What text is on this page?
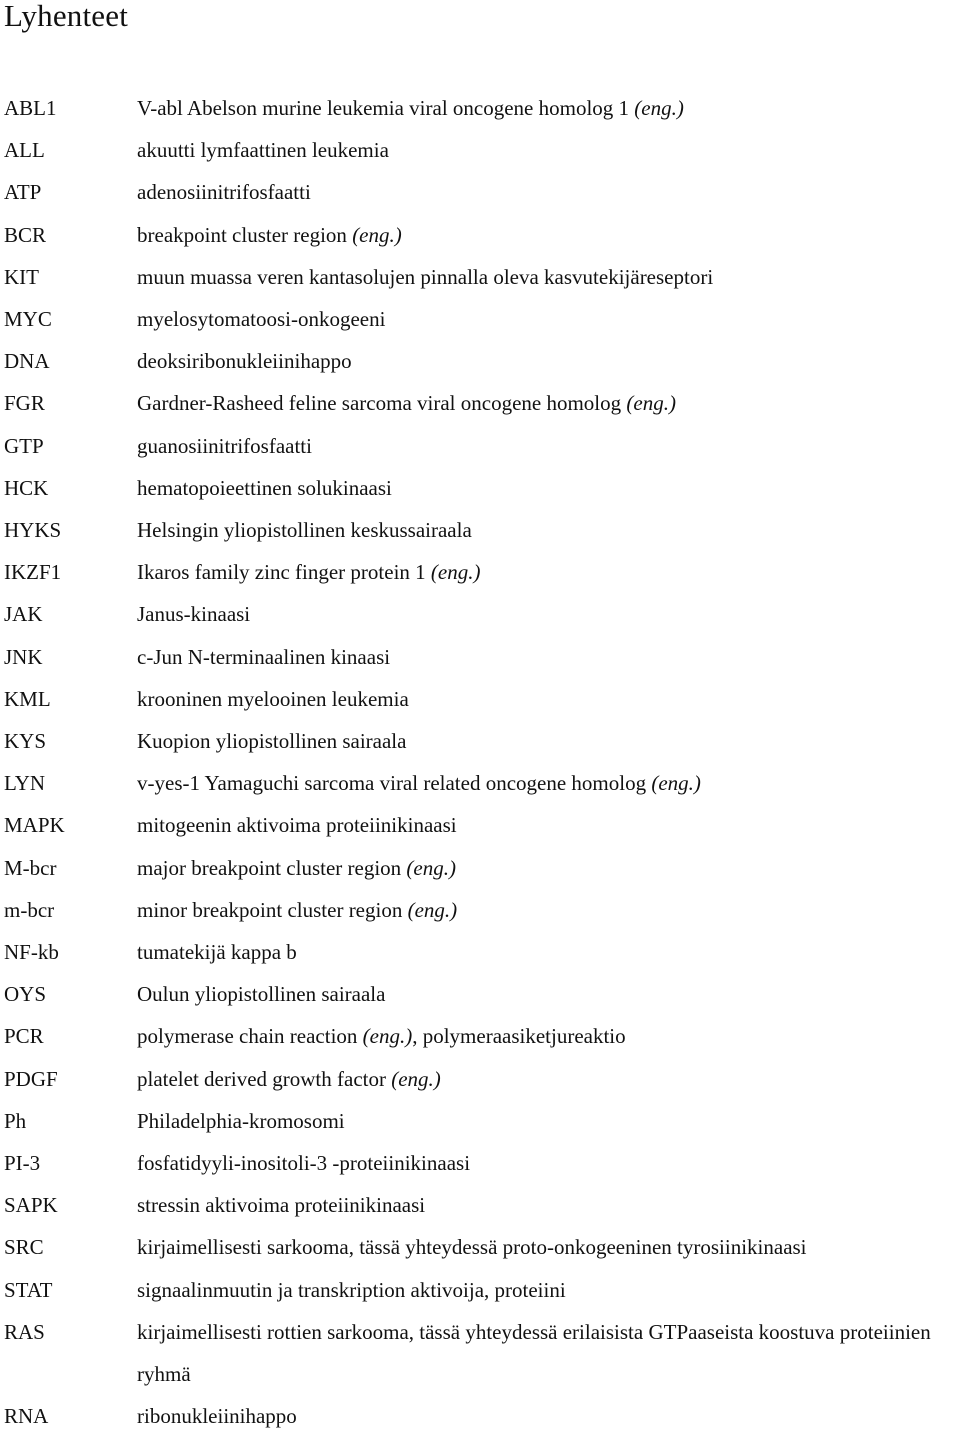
Lyhenteet
ABL1	V-abl Abelson murine leukemia viral oncogene homolog 1 (eng.)
ALL	akuutti lymfaattinen leukemia
ATP	adenosiinitrifosfaatti
BCR	breakpoint cluster region (eng.)
KIT	muun muassa veren kantasolujen pinnalla oleva kasvutekijäreseptori
MYC	myelosytomatoosi-onkogeeni
DNA	deoksiribonukleiinihappo
FGR	Gardner-Rasheed feline sarcoma viral oncogene homolog (eng.)
GTP	guanosiinitrifosfaatti
HCK	hematopoieettinen solukinaasi
HYKS	Helsingin yliopistollinen keskussairaala
IKZF1	Ikaros family zinc finger protein 1 (eng.)
JAK	Janus-kinaasi
JNK	c-Jun N-terminaalinen kinaasi
KML	krooninen myelooinen leukemia
KYS	Kuopion yliopistollinen sairaala
LYN	v-yes-1 Yamaguchi sarcoma viral related oncogene homolog (eng.)
MAPK	mitogeenin aktivoima proteiinikinaasi
M-bcr	major breakpoint cluster region (eng.)
m-bcr	minor breakpoint cluster region (eng.)
NF-kb	tumatekijä kappa b
OYS	Oulun yliopistollinen sairaala
PCR	polymerase chain reaction (eng.), polymeraasiketjureaktio
PDGF	platelet derived growth factor (eng.)
Ph	Philadelphia-kromosomi
PI-3	fosfatidyyli-inositoli-3 -proteiinikinaasi
SAPK	stressin aktivoima proteiinikinaasi
SRC	kirjaimellisesti sarkooma, tässä yhteydessä proto-onkogeeninen tyrosiinikinaasi
STAT	signaalinmuutin ja transkription aktivoija, proteiini
RAS	kirjaimellisesti rottien sarkooma, tässä yhteydessä erilaisista GTPaaseista koostuva proteiinien ryhmä
RNA	ribonukleiinihappo
